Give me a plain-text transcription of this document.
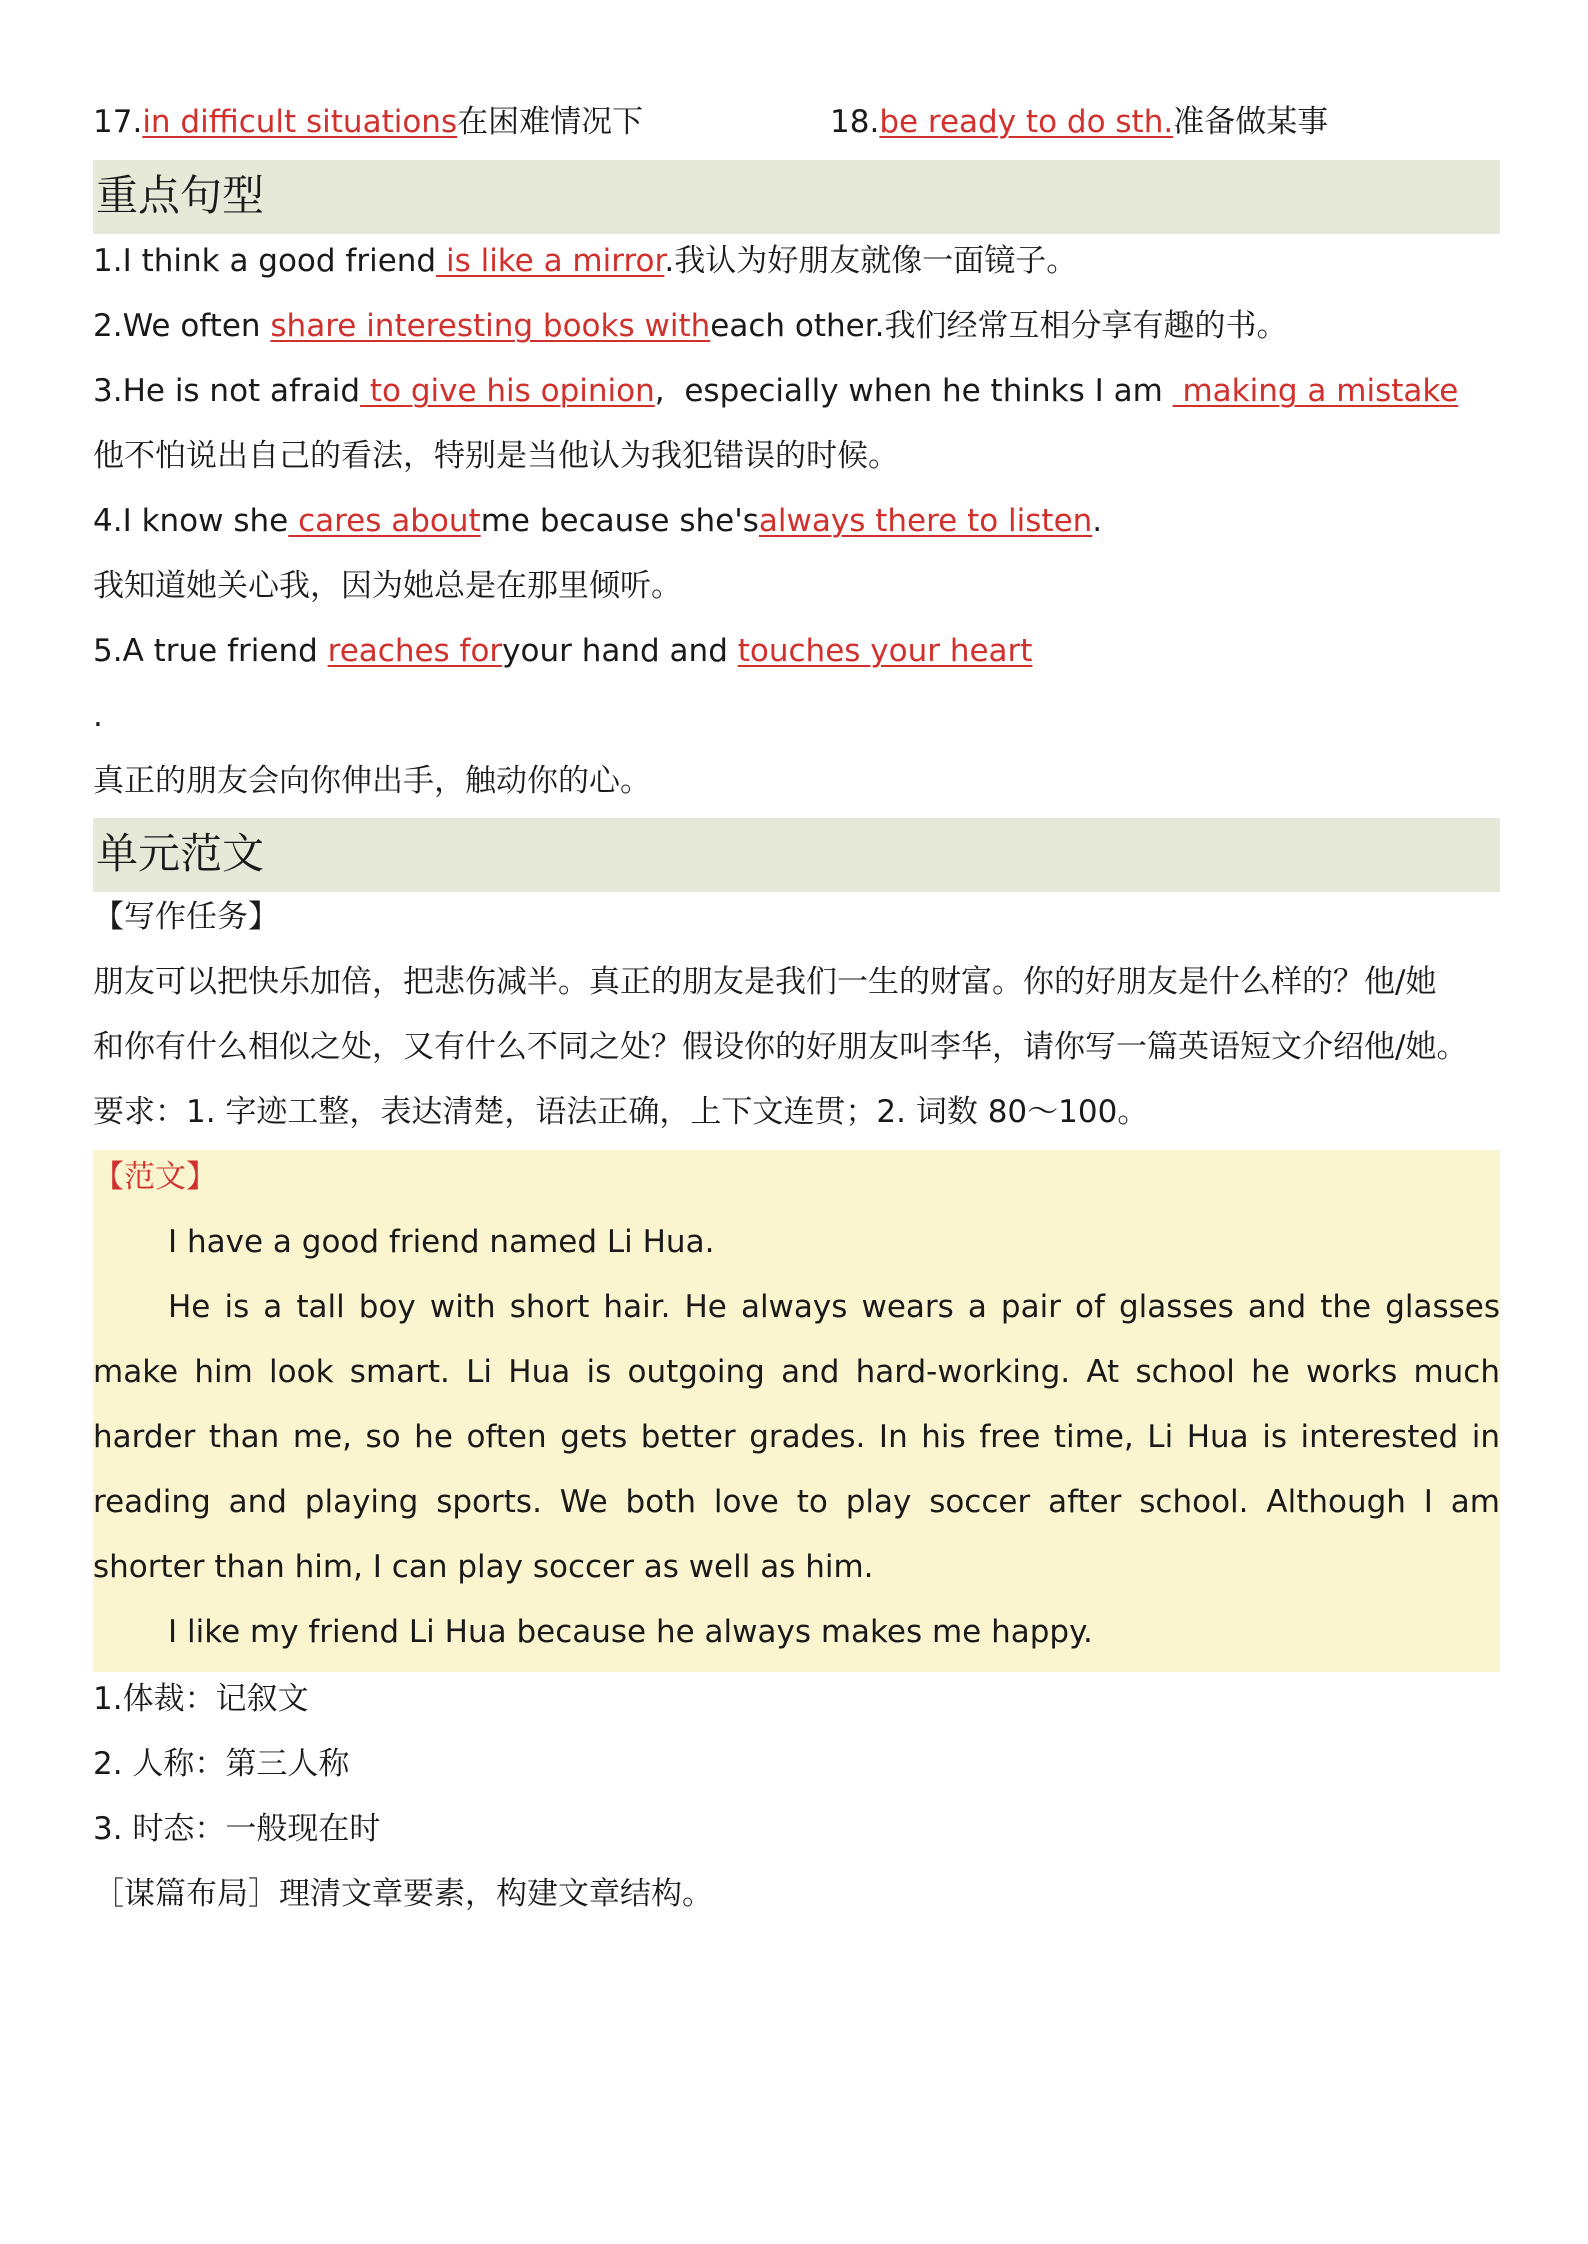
17.in difficult situations在困难情况下	18.be ready to do sth.准备做某事
重点句型
1.I think a good friend is like a mirror.我认为好朋友就像一面镜子。
2.We often share interesting books witheach other.我们经常互相分享有趣的书。
3.He is not afraid to give his opinion,  especially when he thinks I am  making a mistake
他不怕说出自己的看法，特别是当他认为我犯错误的时候。
4.I know she cares aboutme because she'salways there to listen.
我知道她关心我，因为她总是在那里倾听。
5.A true friend reaches foryour hand and touches your heart
.
真正的朋友会向你伸出手，触动你的心。
单元范文
【写作任务】
朋友可以把快乐加倍，把悲伤减半。真正的朋友是我们一生的财富。你的好朋友是什么样的？他/她
和你有什么相似之处，又有什么不同之处？假设你的好朋友叫李华，请你写一篇英语短文介绍他/她。
要求：1. 字迹工整，表达清楚，语法正确，上下文连贯；2. 词数 80～100。
【范文】

I have a good friend named Li Hua.

He is a tall boy with short hair. He always wears a pair of glasses and the glasses make him look smart. Li Hua is outgoing and hard-working. At school he works much harder than me, so he often gets better grades. In his free time, Li Hua is interested in reading and playing sports. We both love to play soccer after school. Although I am shorter than him, I can play soccer as well as him.

I like my friend Li Hua because he always makes me happy.

1.体裁：记叙文
2. 人称：第三人称
3. 时态：一般现在时
［谋篇布局］理清文章要素，构建文章结构。
